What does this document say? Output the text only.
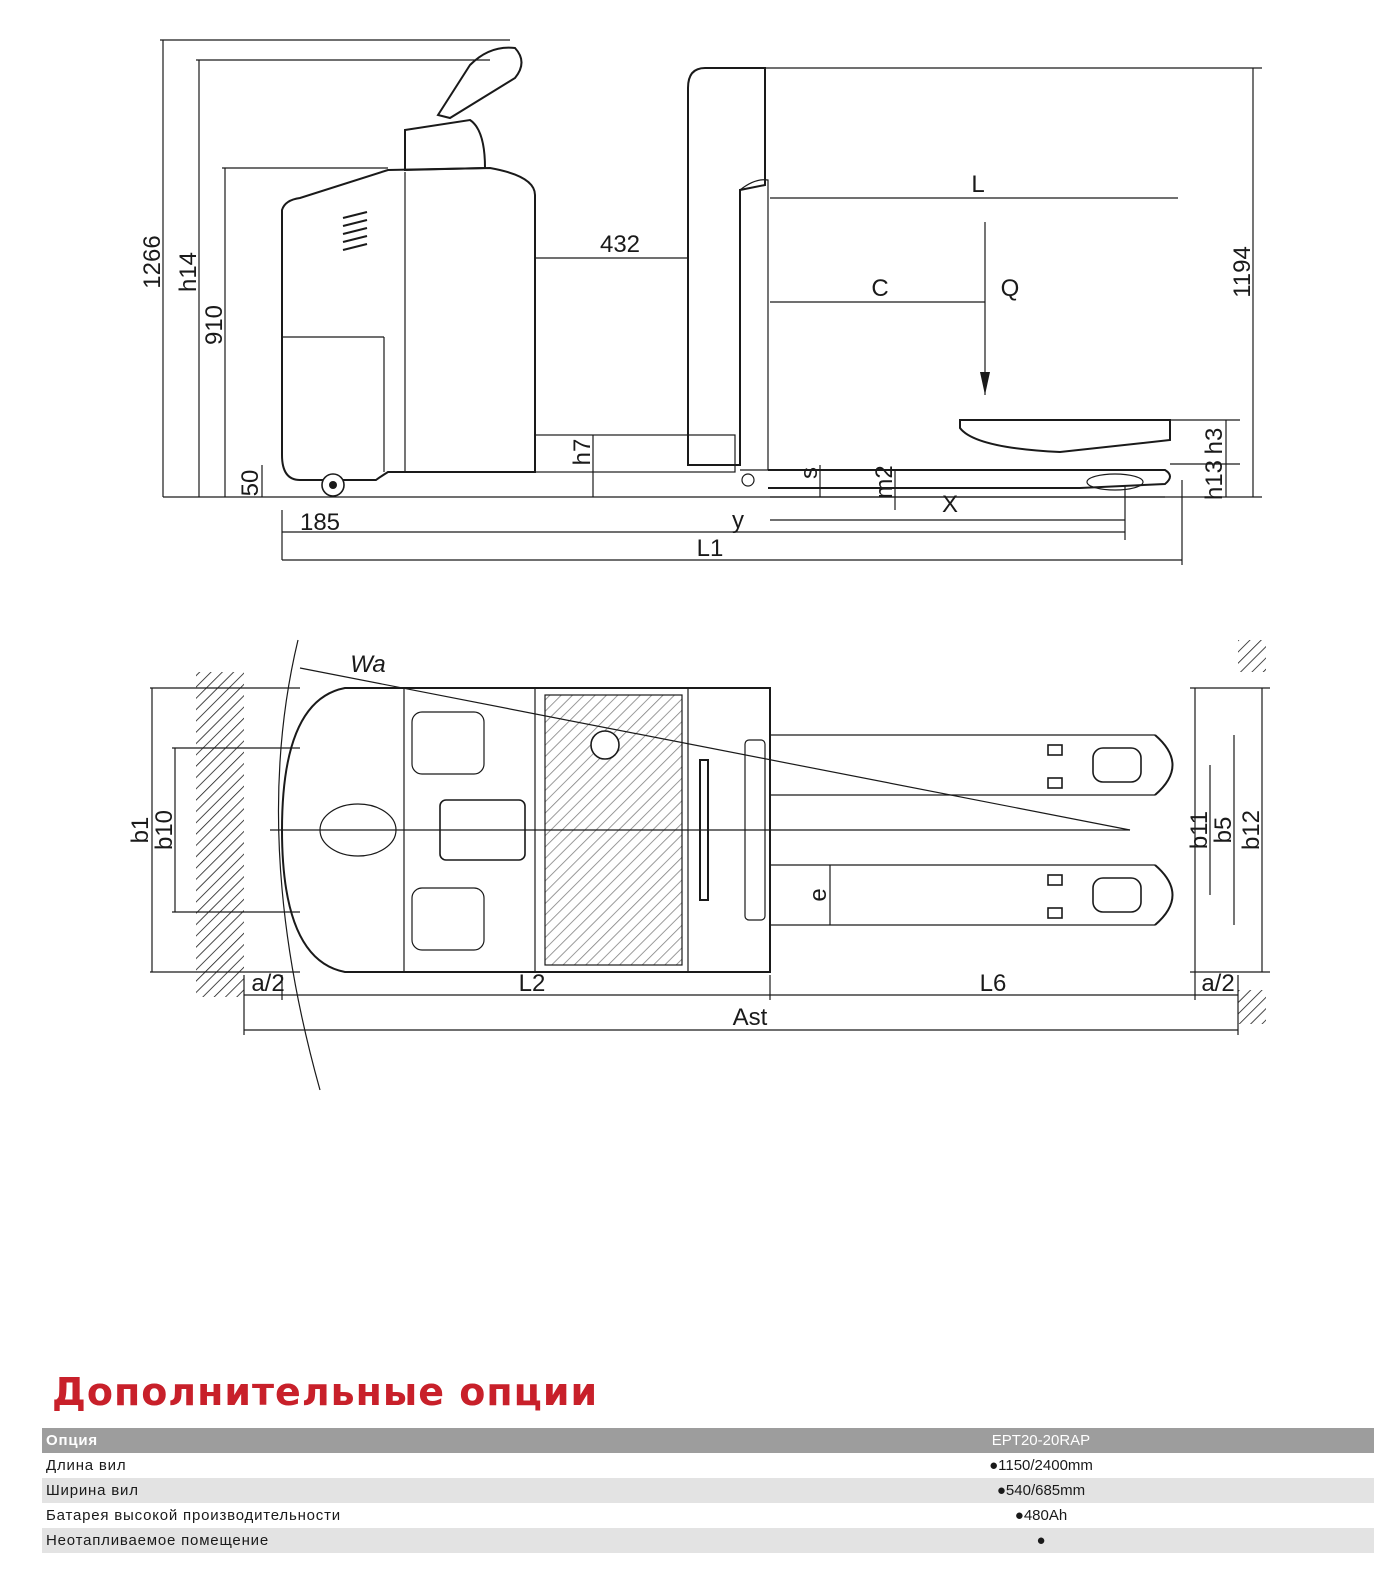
1266 h14
910
50
185
432
L
C	Q	1194
h3
h13
h7
s m2
X
y
L1
Wa
b1
b10
e
b11
b5 b12
a/2	L2	L6	a/2
Ast
Дополнительные опции
Опция	EPT20-20RAP
Длина вил	●1150/2400mm
Ширина вил	●540/685mm
Батарея высокой производительности	●480Ah
Неотапливаемое помещение	●
